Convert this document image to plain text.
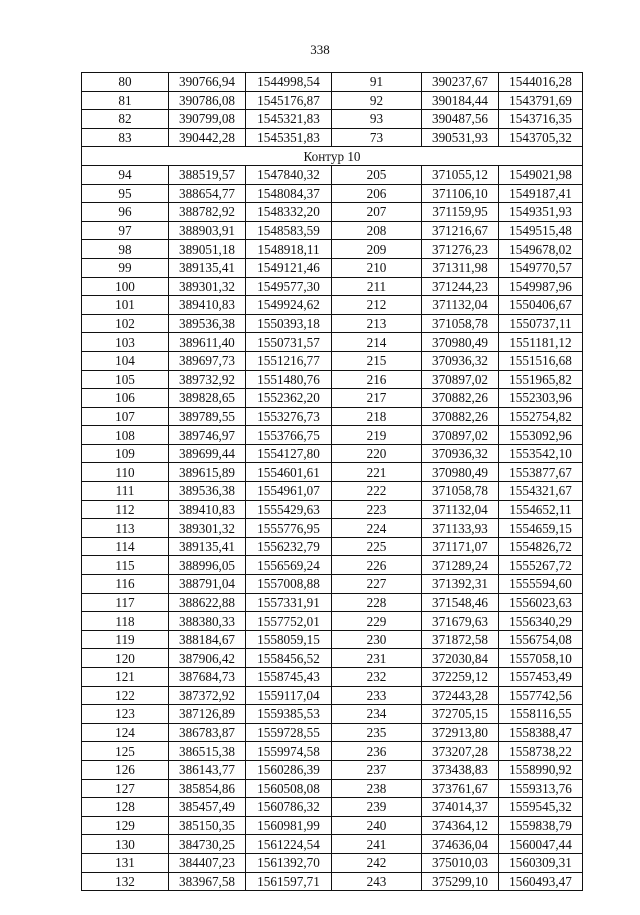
338
80	390766,94	1544998,54	91	390237,67	1544016,28
81	390786,08	1545176,87	92	390184,44	1543791,69
82	390799,08	1545321,83	93	390487,56	1543716,35
83	390442,28	1545351,83	73	390531,93	1543705,32
Контур 10					
94	388519,57	1547840,32	205	371055,12	1549021,98
95	388654,77	1548084,37	206	371106,10	1549187,41
96	388782,92	1548332,20	207	371159,95	1549351,93
97	388903,91	1548583,59	208	371216,67	1549515,48
98	389051,18	1548918,11	209	371276,23	1549678,02
99	389135,41	1549121,46	210	371311,98	1549770,57
100	389301,32	1549577,30	211	371244,23	1549987,96
101	389410,83	1549924,62	212	371132,04	1550406,67
102	389536,38	1550393,18	213	371058,78	1550737,11
103	389611,40	1550731,57	214	370980,49	1551181,12
104	389697,73	1551216,77	215	370936,32	1551516,68
105	389732,92	1551480,76	216	370897,02	1551965,82
106	389828,65	1552362,20	217	370882,26	1552303,96
107	389789,55	1553276,73	218	370882,26	1552754,82
108	389746,97	1553766,75	219	370897,02	1553092,96
109	389699,44	1554127,80	220	370936,32	1553542,10
110	389615,89	1554601,61	221	370980,49	1553877,67
111	389536,38	1554961,07	222	371058,78	1554321,67
112	389410,83	1555429,63	223	371132,04	1554652,11
113	389301,32	1555776,95	224	371133,93	1554659,15
114	389135,41	1556232,79	225	371171,07	1554826,72
115	388996,05	1556569,24	226	371289,24	1555267,72
116	388791,04	1557008,88	227	371392,31	1555594,60
117	388622,88	1557331,91	228	371548,46	1556023,63
118	388380,33	1557752,01	229	371679,63	1556340,29
119	388184,67	1558059,15	230	371872,58	1556754,08
120	387906,42	1558456,52	231	372030,84	1557058,10
121	387684,73	1558745,43	232	372259,12	1557453,49
122	387372,92	1559117,04	233	372443,28	1557742,56
123	387126,89	1559385,53	234	372705,15	1558116,55
124	386783,87	1559728,55	235	372913,80	1558388,47
125	386515,38	1559974,58	236	373207,28	1558738,22
126	386143,77	1560286,39	237	373438,83	1558990,92
127	385854,86	1560508,08	238	373761,67	1559313,76
128	385457,49	1560786,32	239	374014,37	1559545,32
129	385150,35	1560981,99	240	374364,12	1559838,79
130	384730,25	1561224,54	241	374636,04	1560047,44
131	384407,23	1561392,70	242	375010,03	1560309,31
132	383967,58	1561597,71	243	375299,10	1560493,47
